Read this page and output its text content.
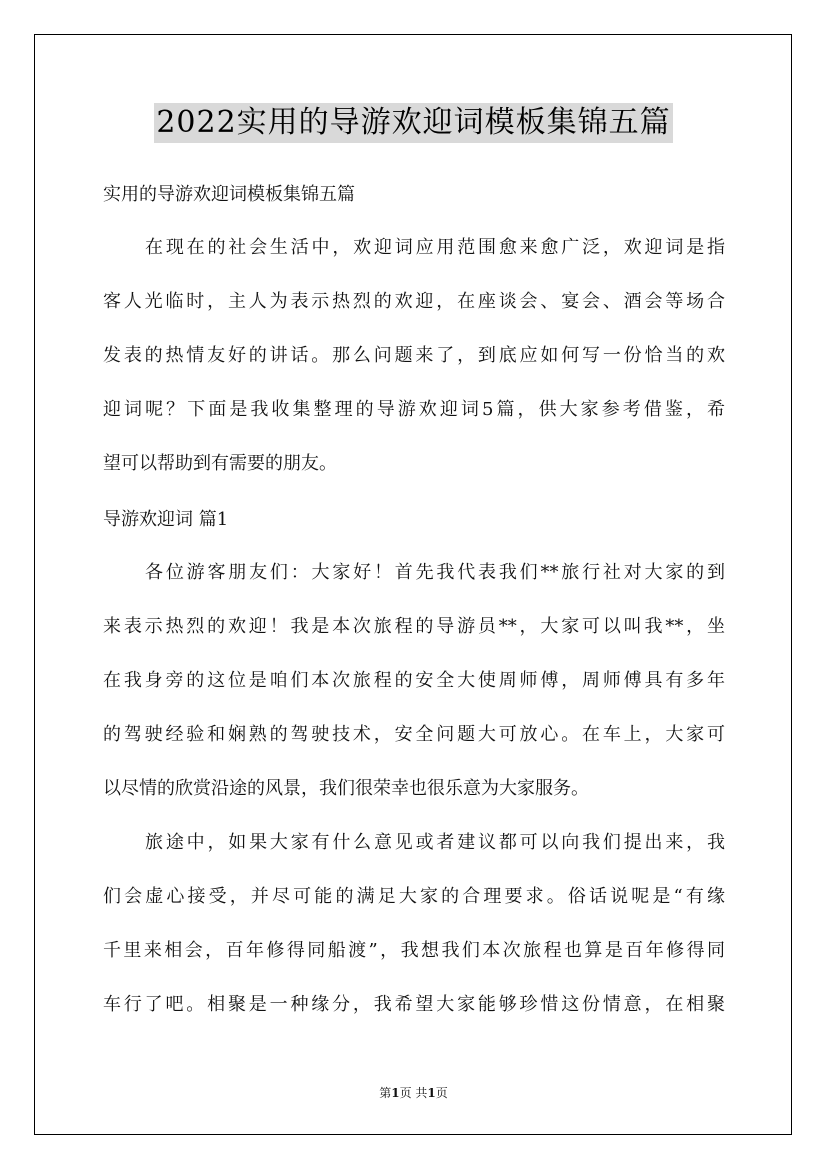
2022实用的导游欢迎词模板集锦五篇
实用的导游欢迎词模板集锦五篇
在现在的社会生活中，欢迎词应用范围愈来愈广泛，欢迎词是指
客人光临时，主人为表示热烈的欢迎，在座谈会、宴会、酒会等场合
发表的热情友好的讲话。那么问题来了，到底应如何写一份恰当的欢
迎词呢？下面是我收集整理的导游欢迎词5篇，供大家参考借鉴，希
望可以帮助到有需要的朋友。
导游欢迎词 篇1
各位游客朋友们：大家好！首先我代表我们**旅行社对大家的到
来表示热烈的欢迎！我是本次旅程的导游员**，大家可以叫我**，坐
在我身旁的这位是咱们本次旅程的安全大使周师傅，周师傅具有多年
的驾驶经验和娴熟的驾驶技术，安全问题大可放心。在车上，大家可
以尽情的欣赏沿途的风景，我们很荣幸也很乐意为大家服务。
旅途中，如果大家有什么意见或者建议都可以向我们提出来，我
们会虚心接受，并尽可能的满足大家的合理要求。俗话说呢是“有缘
千里来相会，百年修得同船渡”，我想我们本次旅程也算是百年修得同
车行了吧。相聚是一种缘分，我希望大家能够珍惜这份情意，在相聚
第1页 共1页
